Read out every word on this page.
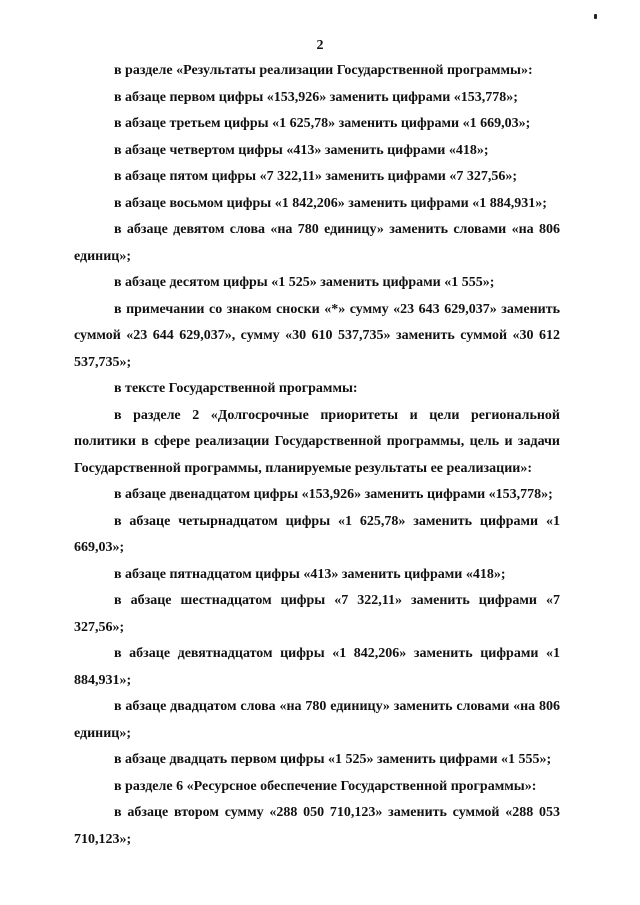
2

в разделе «Результаты реализации Государственной программы»:

в абзаце первом цифры «153,926» заменить цифрами «153,778»;

в абзаце третьем цифры «1 625,78» заменить цифрами «1 669,03»;

в абзаце четвертом цифры «413» заменить цифрами «418»;

в абзаце пятом цифры «7 322,11» заменить цифрами «7 327,56»;

в абзаце восьмом цифры «1 842,206» заменить цифрами «1 884,931»;

в абзаце девятом слова «на 780 единицу» заменить словами «на 806 единиц»;

в абзаце десятом цифры «1 525» заменить цифрами «1 555»;

в примечании со знаком сноски «*» сумму «23 643 629,037» заменить суммой «23 644 629,037», сумму «30 610 537,735» заменить суммой «30 612 537,735»;

в тексте Государственной программы:

в разделе 2 «Долгосрочные приоритеты и цели региональной политики в сфере реализации Государственной программы, цель и задачи Государственной программы, планируемые результаты ее реализации»:

в абзаце двенадцатом цифры «153,926» заменить цифрами «153,778»;

в абзаце четырнадцатом цифры «1 625,78» заменить цифрами «1 669,03»;

в абзаце пятнадцатом цифры «413» заменить цифрами «418»;

в абзаце шестнадцатом цифры «7 322,11» заменить цифрами «7 327,56»;

в абзаце девятнадцатом цифры «1 842,206» заменить цифрами «1 884,931»;

в абзаце двадцатом слова «на 780 единицу» заменить словами «на 806 единиц»;

в абзаце двадцать первом цифры «1 525» заменить цифрами «1 555»;

в разделе 6 «Ресурсное обеспечение Государственной программы»:

в абзаце втором сумму «288 050 710,123» заменить суммой «288 053 710,123»;
